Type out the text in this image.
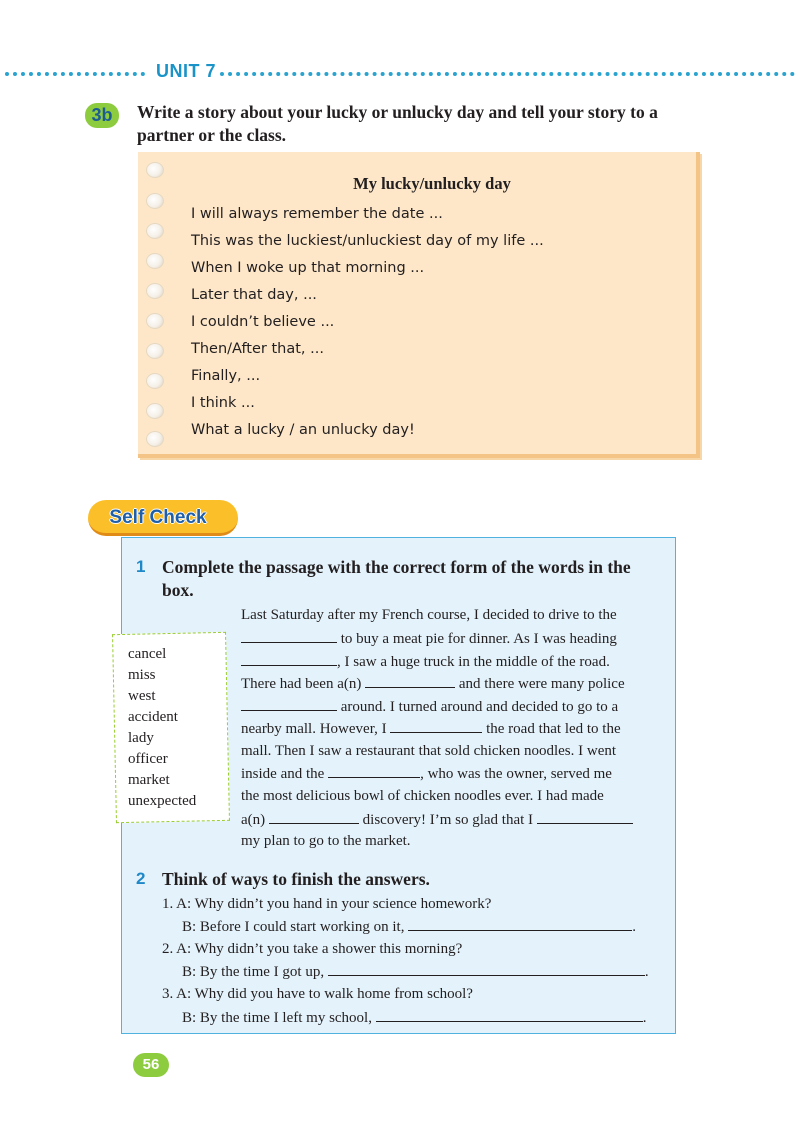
UNIT 7
3b	Write a story about your lucky or unlucky day and tell your story to a
partner or the class.
My lucky/unlucky day
I will always remember the date ...
This was the luckiest/unluckiest day of my life ...
When I woke up that morning ...
Later that day, ...
I couldn’t believe ...
Then/After that, ...
Finally, ...
I think ...
What a lucky / an unlucky day!
Self Check
1 Complete the passage with the correct form of the words in the
box.
cancel
miss
west
accident
lady
officer
market
unexpected
Last Saturday after my French course, I decided to drive to the
to buy a meat pie for dinner. As I was heading
, I saw a huge truck in the middle of the road.
There had been a(n)	and there were many police
around. I turned around and decided to go to a
nearby mall. However, I	the road that led to the
mall. Then I saw a restaurant that sold chicken noodles. I went
inside and the	, who was the owner, served me
the most delicious bowl of chicken noodles ever. I had made
a(n)	discovery! I’m so glad that I
my plan to go to the market.
2 Think of ways to finish the answers.
1. A: Why didn’t you hand in your science homework?
B: Before I could start working on it,	.
2. A: Why didn’t you take a shower this morning?
B: By the time I got up,	.
3. A: Why did you have to walk home from school?
B: By the time I left my school,	.
56
